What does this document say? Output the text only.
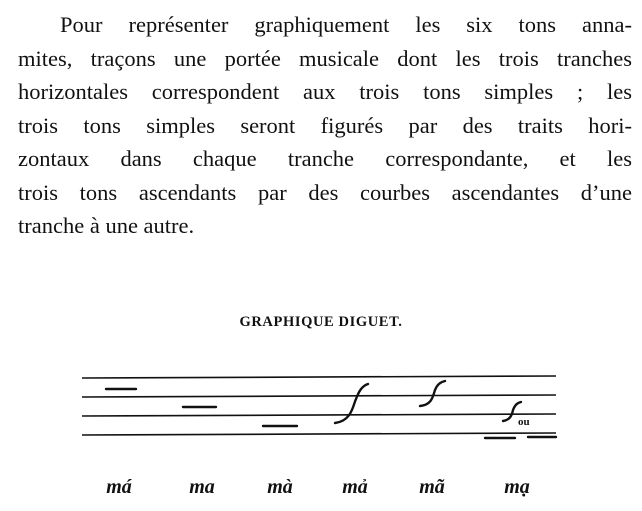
Pour représenter graphiquement les six tons anna-
mites, traçons une portée musicale dont les trois tranches
horizontales correspondent aux trois tons simples ; les
trois tons simples seront figurés par des traits hori-
zontaux dans chaque tranche correspondante, et les
trois tons ascendants par des courbes ascendantes d’une
tranche à une autre.
GRAPHIQUE DIGUET.
ou
má	ma	mà mả	mã	mạ
